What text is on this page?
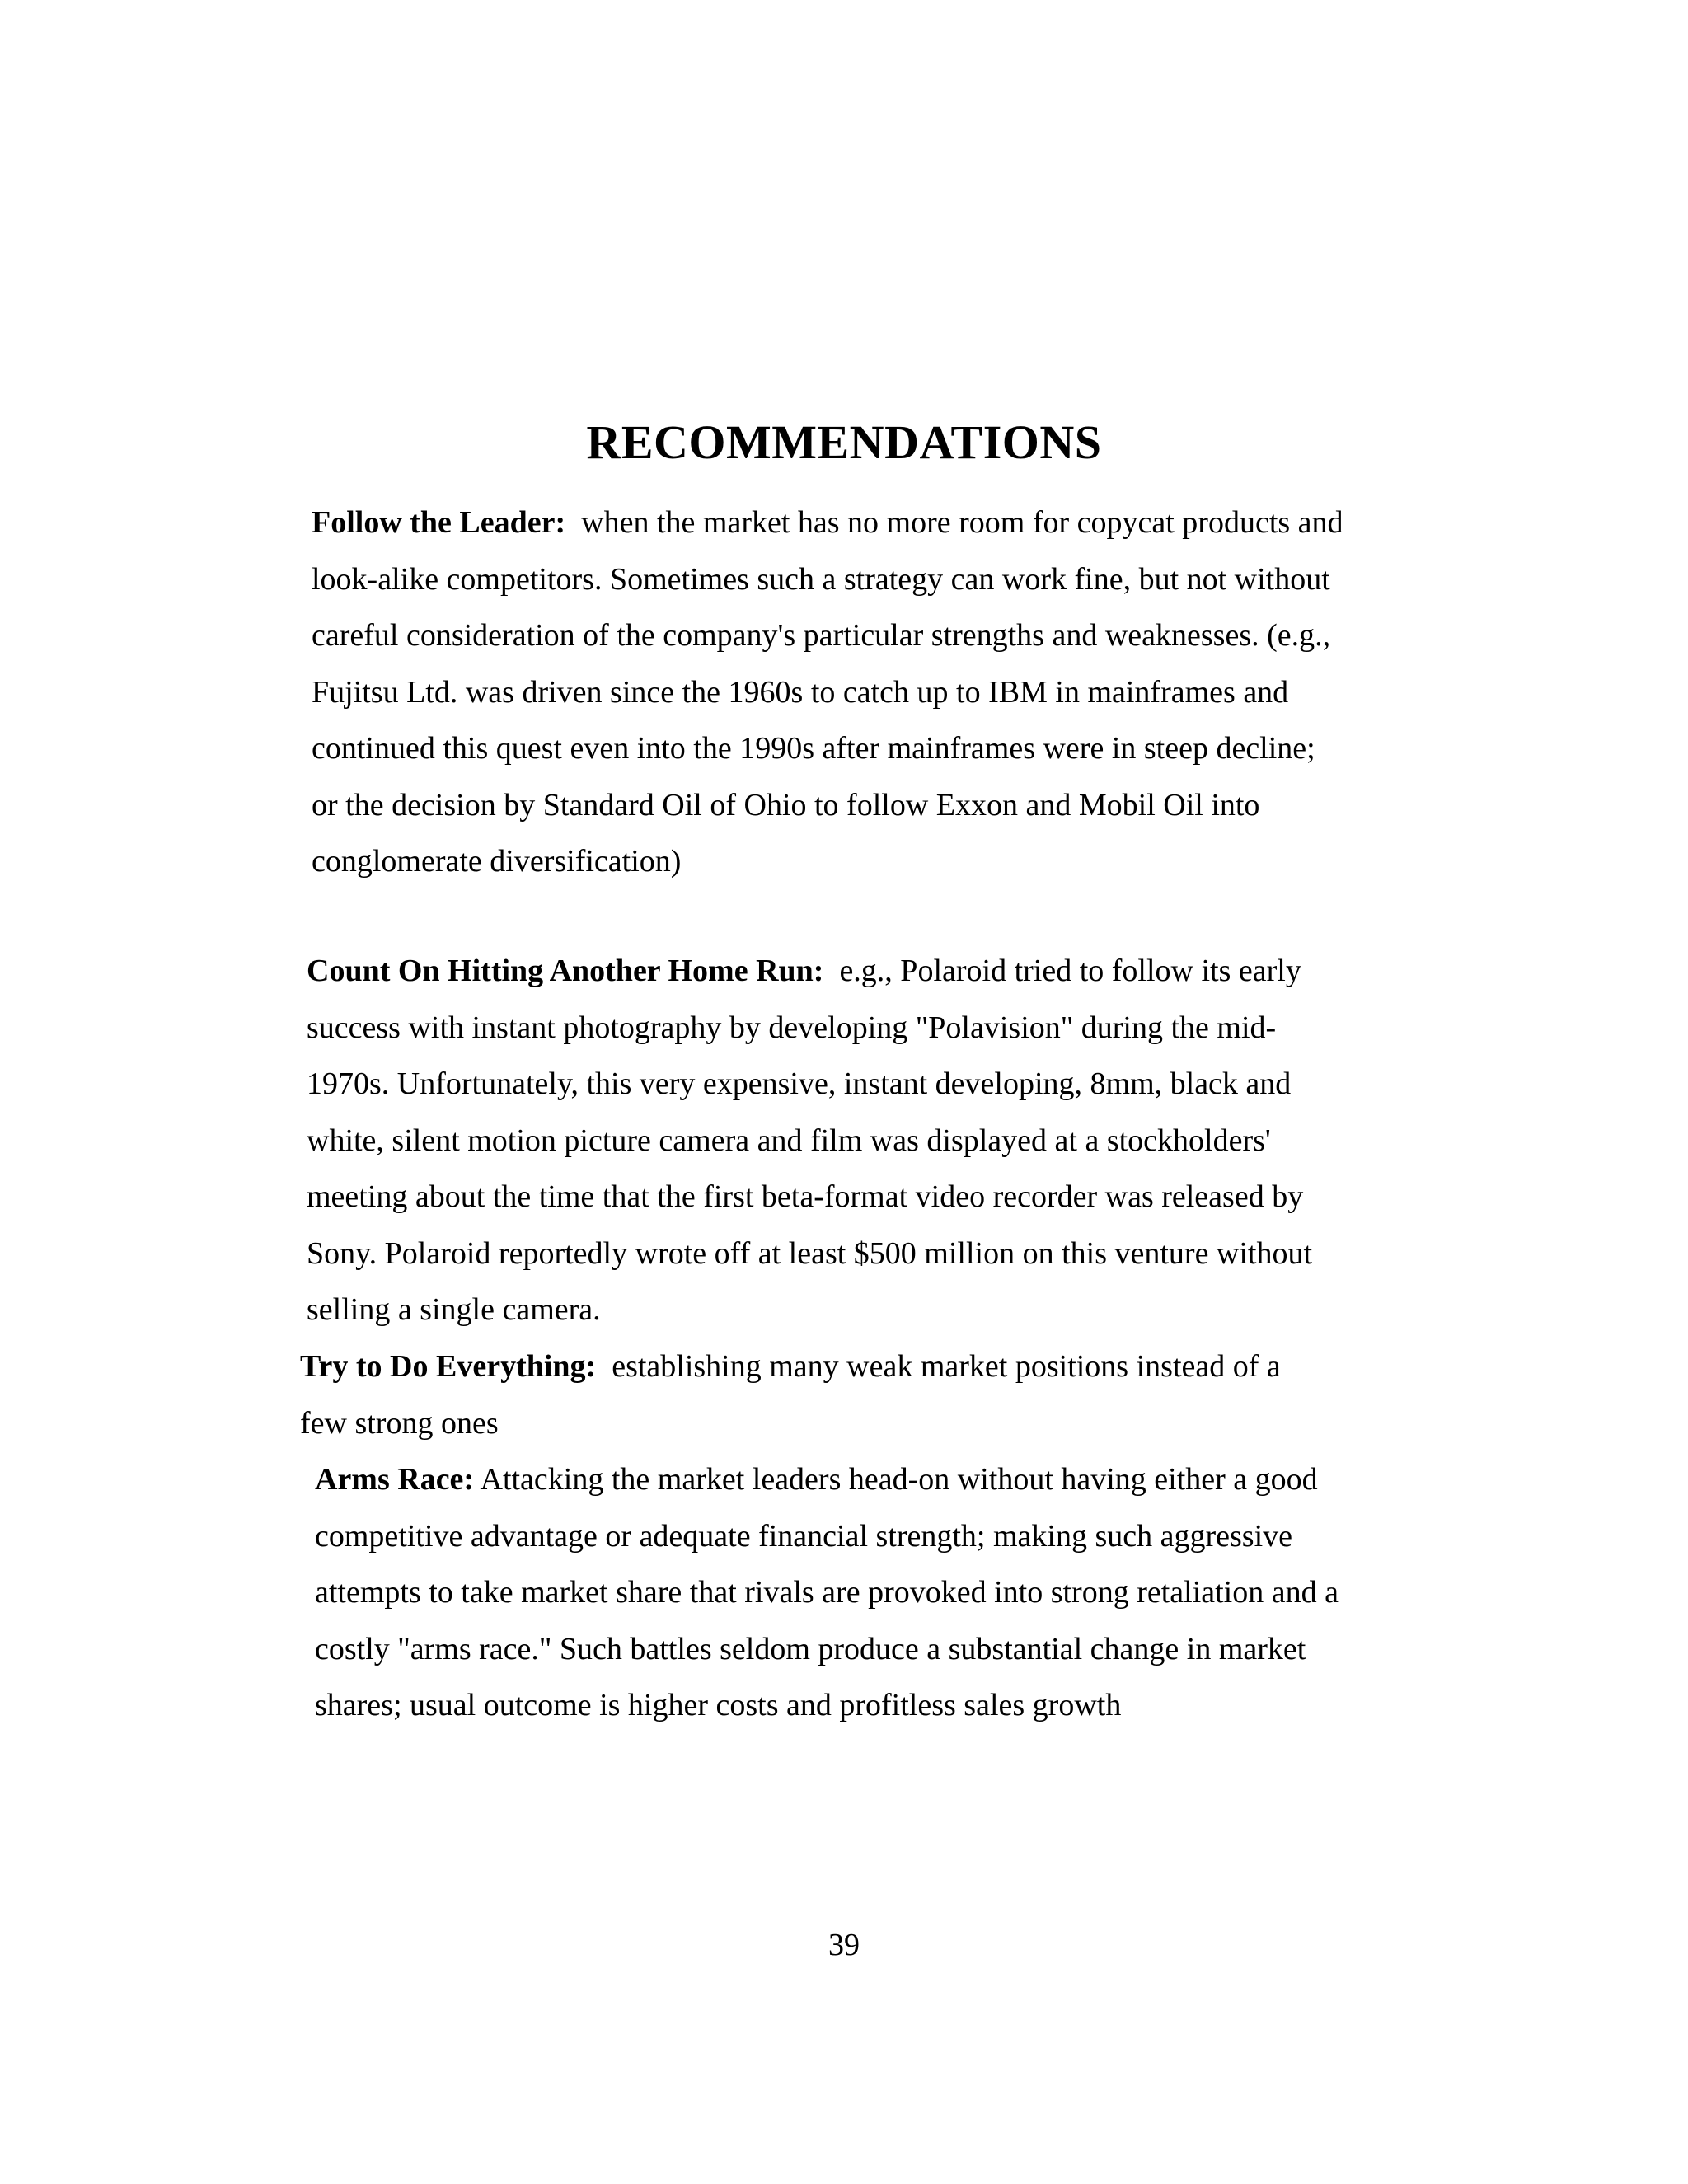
RECOMMENDATIONS
Follow the Leader:  when the market has no more room for copycat products and
look-alike competitors. Sometimes such a strategy can work fine, but not without
careful consideration of the company's particular strengths and weaknesses. (e.g.,
Fujitsu Ltd. was driven since the 1960s to catch up to IBM in mainframes and
continued this quest even into the 1990s after mainframes were in steep decline;
or the decision by Standard Oil of Ohio to follow Exxon and Mobil Oil into
conglomerate diversification)
Count On Hitting Another Home Run:  e.g., Polaroid tried to follow its early
success with instant photography by developing "Polavision" during the mid-
1970s. Unfortunately, this very expensive, instant developing, 8mm, black and
white, silent motion picture camera and film was displayed at a stockholders'
meeting about the time that the first beta-format video recorder was released by
Sony. Polaroid reportedly wrote off at least $500 million on this venture without
selling a single camera.
Try to Do Everything:  establishing many weak market positions instead of a
few strong ones
Arms Race: Attacking the market leaders head-on without having either a good
competitive advantage or adequate financial strength; making such aggressive
attempts to take market share that rivals are provoked into strong retaliation and a
costly "arms race." Such battles seldom produce a substantial change in market
shares; usual outcome is higher costs and profitless sales growth
39
